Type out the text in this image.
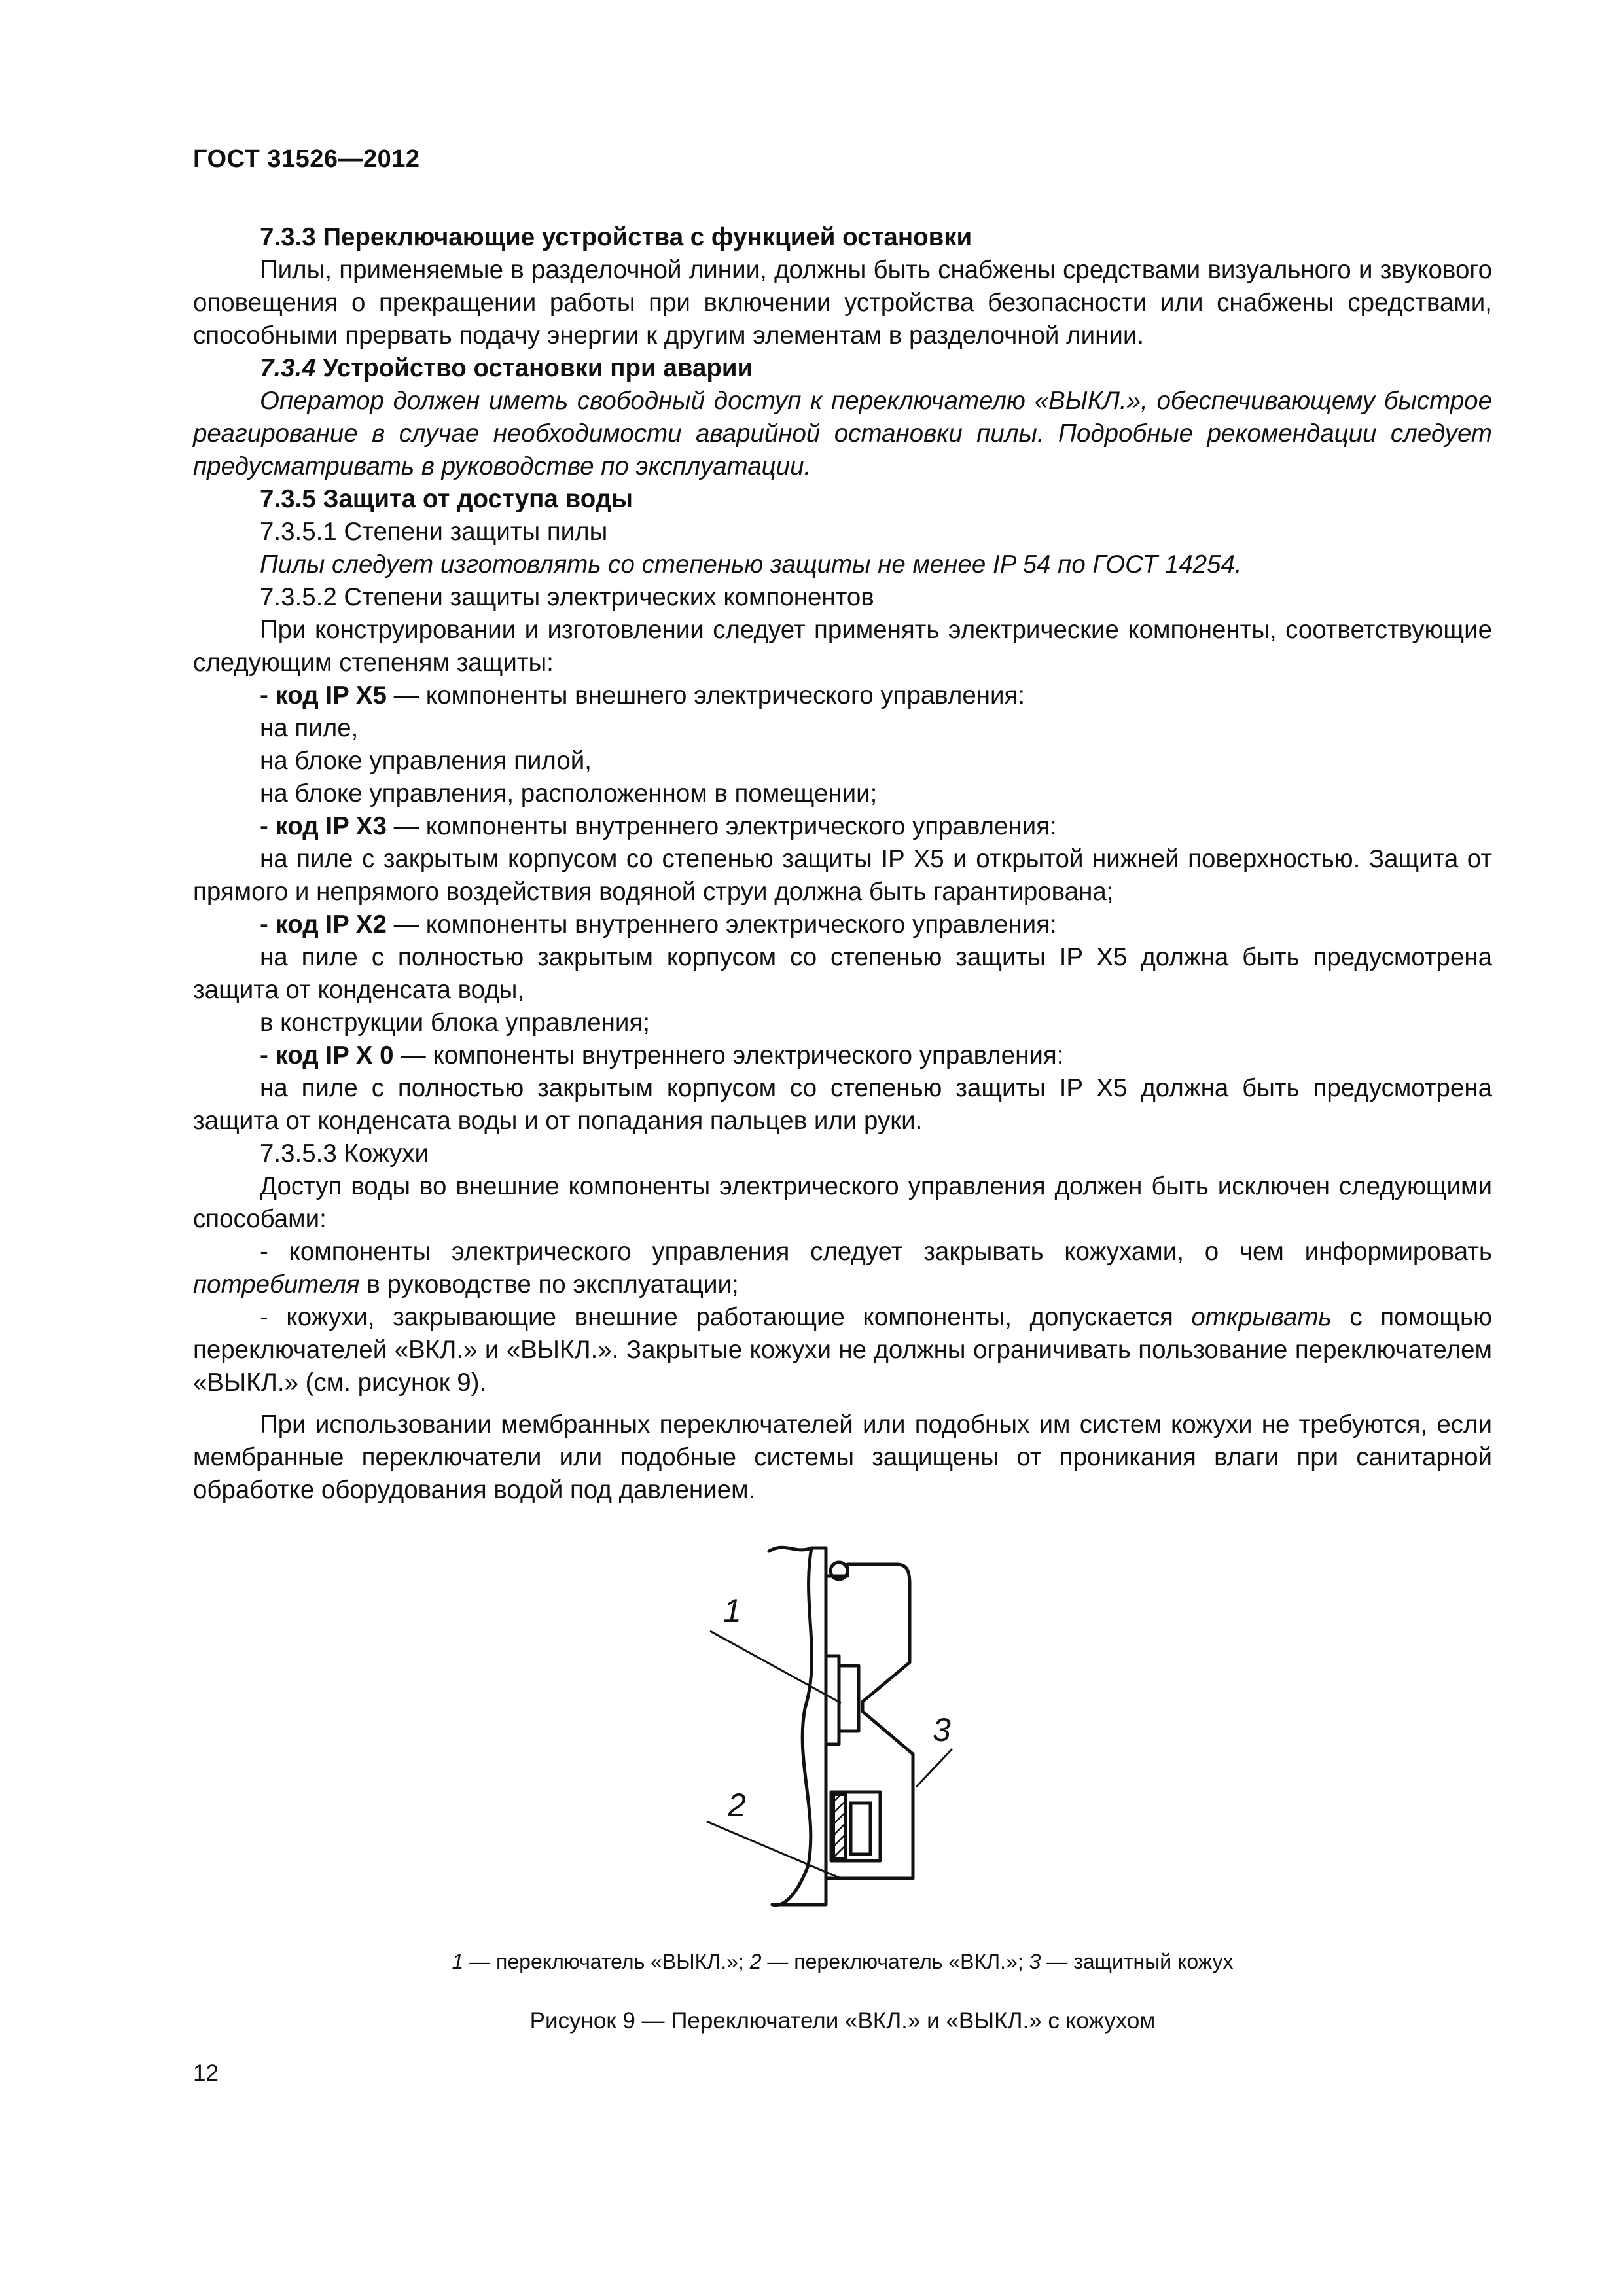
ГОСТ 31526—2012

7.3.3 Переключающие устройства с функцией остановки

Пилы, применяемые в разделочной линии, должны быть снабжены средствами визуального и звукового оповещения о прекращении работы при включении устройства безопасности или снабжены средствами, способными прервать подачу энергии к другим элементам в разделочной линии.

7.3.4 Устройство остановки при аварии

Оператор должен иметь свободный доступ к переключателю «ВЫКЛ.», обеспечивающему быстрое реагирование в случае необходимости аварийной остановки пилы. Подробные рекомендации следует предусматривать в руководстве по эксплуатации.

7.3.5 Защита от доступа воды

7.3.5.1 Степени защиты пилы

Пилы следует изготовлять со степенью защиты не менее IP 54 по ГОСТ 14254.

7.3.5.2 Степени защиты электрических компонентов

При конструировании и изготовлении следует применять электрические компоненты, соответствующие следующим степеням защиты:

- код IP X5 — компоненты внешнего электрического управления:

на пиле,

на блоке управления пилой,

на блоке управления, расположенном в помещении;

- код IP X3 — компоненты внутреннего электрического управления:

на пиле с закрытым корпусом со степенью защиты IP X5 и открытой нижней поверхностью. Защита от прямого и непрямого воздействия водяной струи должна быть гарантирована;

- код IP X2 — компоненты внутреннего электрического управления:

на пиле с полностью закрытым корпусом со степенью защиты IP X5 должна быть предусмотрена защита от конденсата воды,

в конструкции блока управления;

- код IP X 0 — компоненты внутреннего электрического управления:

на пиле с полностью закрытым корпусом со степенью защиты IP X5 должна быть предусмотрена защита от конденсата воды и от попадания пальцев или руки.

7.3.5.3 Кожухи

Доступ воды во внешние компоненты электрического управления должен быть исключен следующими способами:

- компоненты электрического управления следует закрывать кожухами, о чем информировать потребителя в руководстве по эксплуатации;

- кожухи, закрывающие внешние работающие компоненты, допускается открывать с помощью переключателей «ВКЛ.» и «ВЫКЛ.». Закрытые кожухи не должны ограничивать пользование переключателем «ВЫКЛ.» (см. рисунок 9).

При использовании мембранных переключателей или подобных им систем кожухи не требуются, если мембранные переключатели или подобные системы защищены от проникания влаги при санитарной обработке оборудования водой под давлением.

1
2
3
1 — переключатель «ВЫКЛ.»; 2 — переключатель «ВКЛ.»; 3 — защитный кожух
Рисунок 9 — Переключатели «ВКЛ.» и «ВЫКЛ.» с кожухом
12
